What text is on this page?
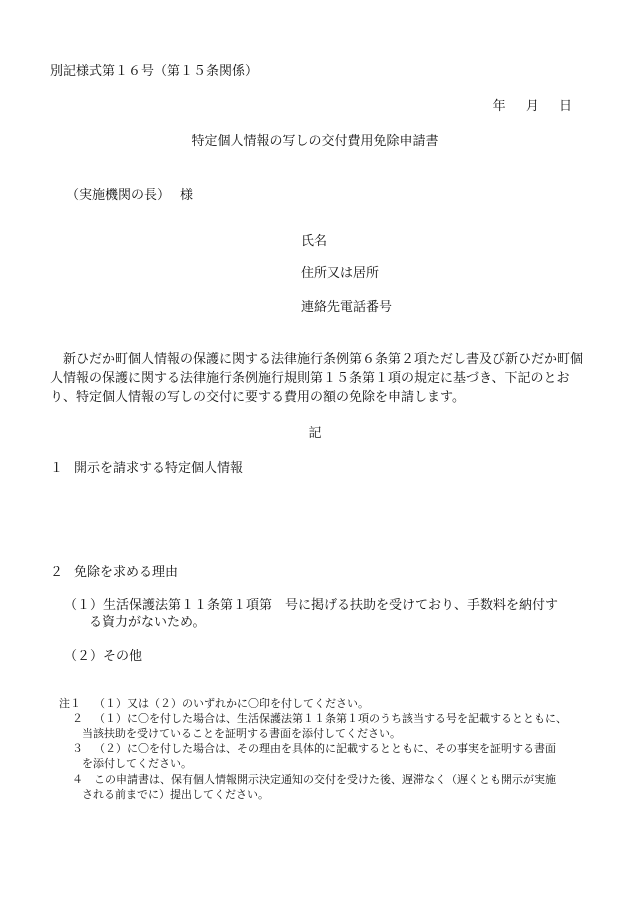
別記様式第１６号（第１５条関係）
年 月 日
特定個人情報の写しの交付費用免除申請書
（実施機関の長） 様
氏名
住所又は居所
連絡先電話番号
新ひだか町個人情報の保護に関する法律施行条例第６条第２項ただし書及び新ひだか町個人情報の保護に関する法律施行条例施行規則第１５条第１項の規定に基づき、下記のとおり、特定個人情報の写しの交付に要する費用の額の免除を申請します。
記
１ 開示を請求する特定個人情報
２ 免除を求める理由
（１）生活保護法第１１条第１項第　号に掲げる扶助を受けており、手数料を納付す
る資力がないため。
（２）その他
注１ （１）又は（２）のいずれかに〇印を付してください。
２ （１）に〇を付した場合は、生活保護法第１１条第１項のうち該当する号を記載するとともに、
当該扶助を受けていることを証明する書面を添付してください。
３ （２）に〇を付した場合は、その理由を具体的に記載するとともに、その事実を証明する書面
を添付してください。
４ この申請書は、保有個人情報開示決定通知の交付を受けた後、遅滞なく（遅くとも開示が実施
される前までに）提出してください。
